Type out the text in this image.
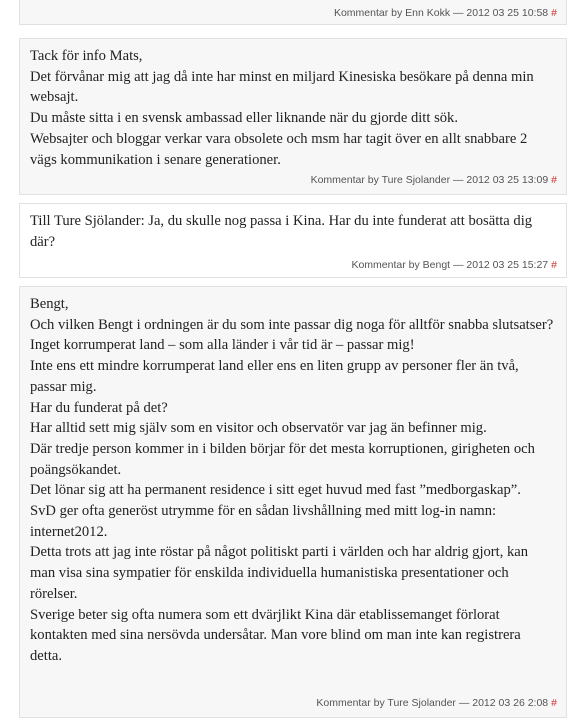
Kommentar by Enn Kokk — 2012 03 25 10:58 #
Tack för info Mats,
Det förvånar mig att jag då inte har minst en miljard Kinesiska besökare på denna min websajt.
Du måste sitta i en svensk ambassad eller liknande när du gjorde ditt sök.
Websajter och bloggar verkar vara obsolete och msm har tagit över en allt snabbare 2 vägs kommunikation i senare generationer.
Kommentar by Ture Sjolander — 2012 03 25 13:09 #
Till Ture Sjölander: Ja, du skulle nog passa i Kina. Har du inte funderat att bosätta dig där?
Kommentar by Bengt — 2012 03 25 15:27 #
Bengt,
Och vilken Bengt i ordningen är du som inte passar dig noga för alltför snabba slutsatser?
Inget korrumperat land – som alla länder i vår tid är – passar mig!
Inte ens ett mindre korrumperat land eller ens en liten grupp av personer fler än två, passar mig.
Har du funderat på det?
Har alltid sett mig själv som en visitor och observatör var jag än befinner mig.
Där tredje person kommer in i bilden börjar för det mesta korruptionen, girigheten och poängsökandet.
Det lönar sig att ha permanent residence i sitt eget huvud med fast ”medborgaskap”.
SvD ger ofta generöst utrymme för en sådan livshållning med mitt log-in namn: internet2012.
Detta trots att jag inte röstar på något politiskt parti i världen och har aldrig gjort, kan man visa sina sympatier för enskilda individuella humanistiska presentationer och rörelser.
Sverige beter sig ofta numera som ett dvärjlikt Kina där etablissemanget förlorat kontakten med sina nersövda undersåtar. Man vore blind om man inte kan registrera detta.
Kommentar by Ture Sjolander — 2012 03 26 2:08 #
